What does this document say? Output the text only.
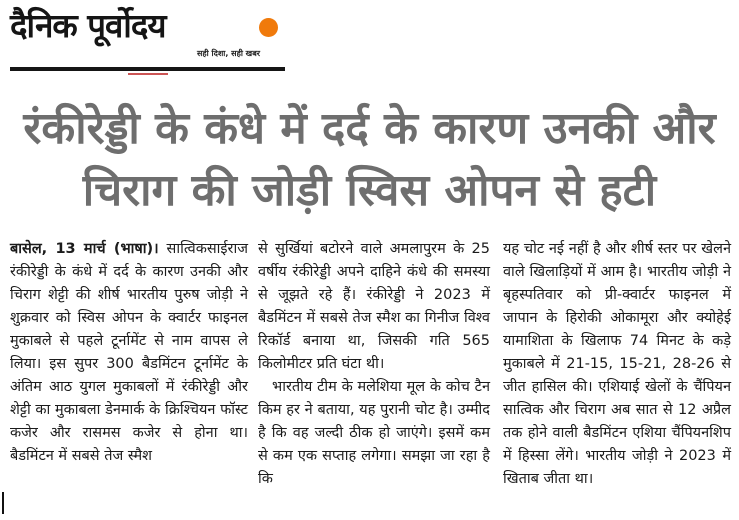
दैनिक पूर्वोदय
सही दिशा, सही खबर
रंकीरेड्डी के कंधे में दर्द के कारण उनकी और
चिराग की जोड़ी स्विस ओपन से हटी

बासेल, 13 मार्च (भाषा)। सात्विकसाईराज रंकीरेड्डी के कंधे में दर्द के कारण उनकी और चिराग शेट्टी की शीर्ष भारतीय पुरुष जोड़ी ने शुक्रवार को स्विस ओपन के क्वार्टर फाइनल मुकाबले से पहले टूर्नामेंट से नाम वापस ले लिया। इस सुपर 300 बैडमिंटन टूर्नामेंट के अंतिम आठ युगल मुकाबलों में रंकीरेड्डी और शेट्टी का मुकाबला डेनमार्क के क्रिश्चियन फॉस्ट कजेर और रासमस कजेर से होना था। बैडमिंटन में सबसे तेज स्मैश

से सुर्खियां बटोरने वाले अमलापुरम के 25 वर्षीय रंकीरेड्डी अपने दाहिने कंधे की समस्या से जूझते रहे हैं। रंकीरेड्डी ने 2023 में बैडमिंटन में सबसे तेज स्मैश का गिनीज विश्व रिकॉर्ड बनाया था, जिसकी गति 565 किलोमीटर प्रति घंटा थी।

भारतीय टीम के मलेशिया मूल के कोच टैन किम हर ने बताया, यह पुरानी चोट है। उम्मीद है कि वह जल्दी ठीक हो जाएंगे। इसमें कम से कम एक सप्ताह लगेगा। समझा जा रहा है कि

यह चोट नई नहीं है और शीर्ष स्तर पर खेलने वाले खिलाड़ियों में आम है। भारतीय जोड़ी ने बृहस्पतिवार को प्री-क्वार्टर फाइनल में जापान के हिरोकी ओकामूरा और क्योहेई यामाशिता के खिलाफ 74 मिनट के कड़े मुकाबले में 21-15, 15-21, 28-26 से जीत हासिल की। एशियाई खेलों के चैंपियन सात्विक और चिराग अब सात से 12 अप्रैल तक होने वाली बैडमिंटन एशिया चैंपियनशिप में हिस्सा लेंगे। भारतीय जोड़ी ने 2023 में खिताब जीता था।
